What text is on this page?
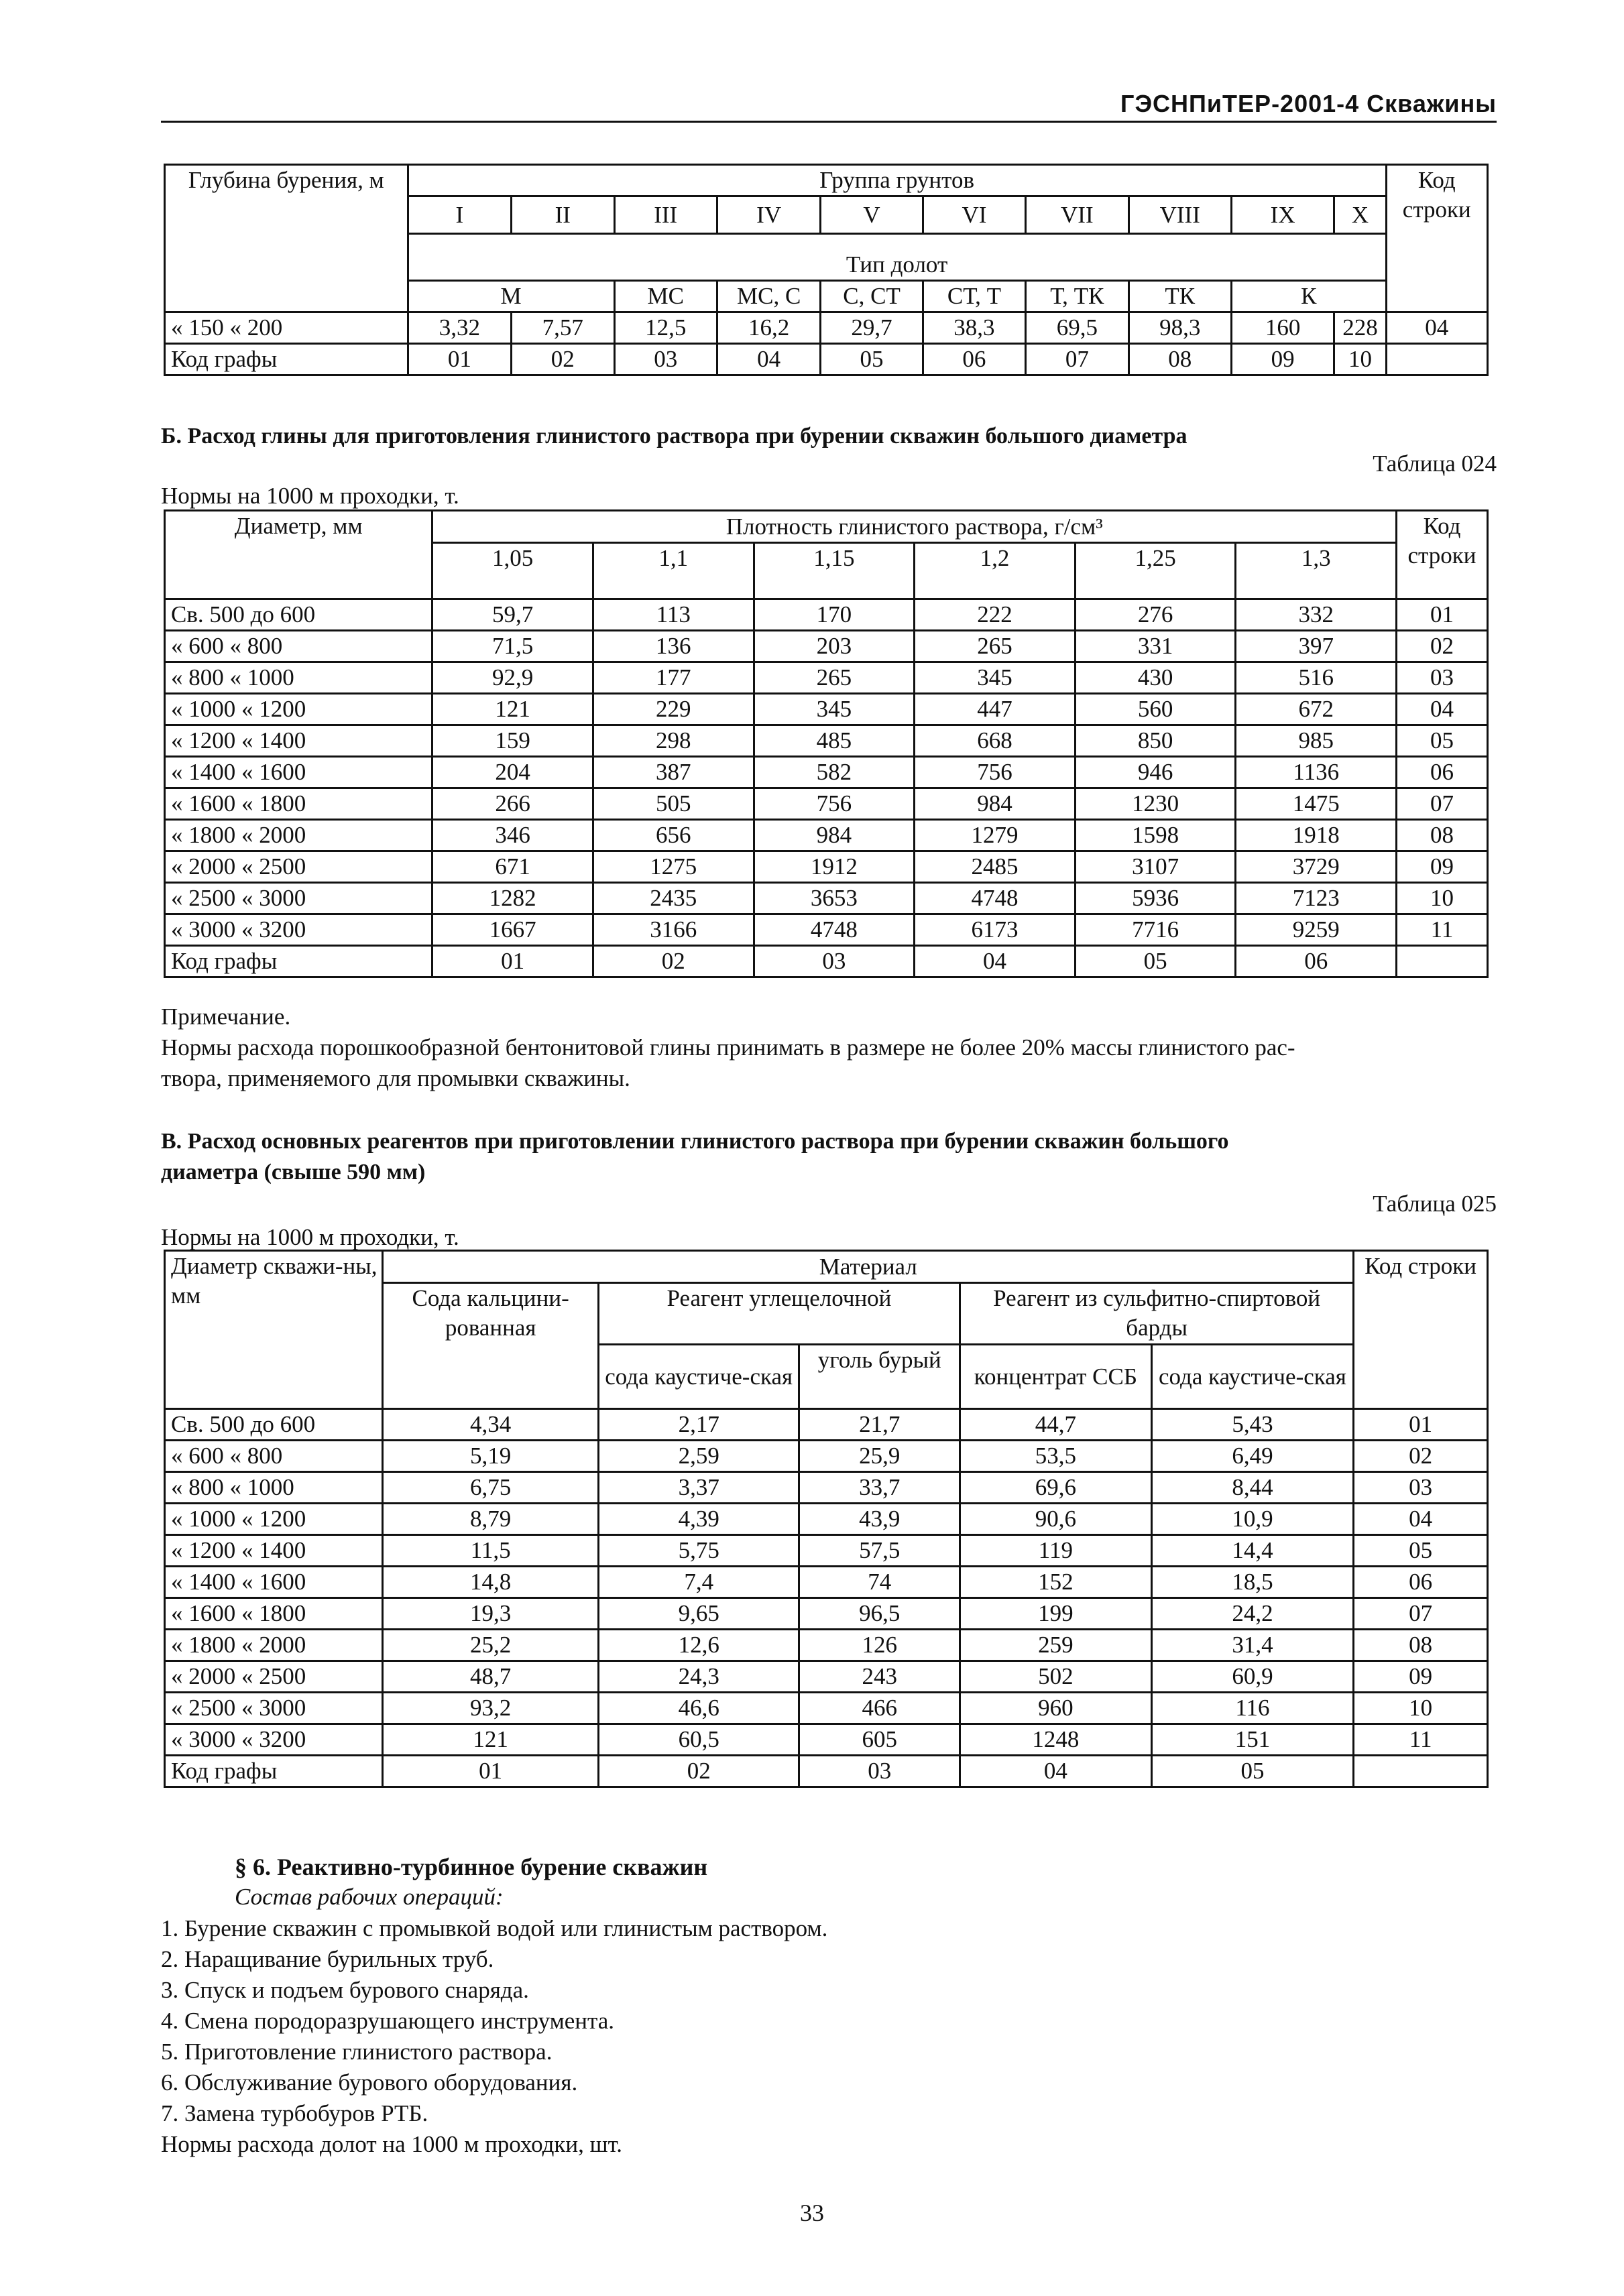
ГЭСНПиТЕР-2001-4 Скважины
Глубина бурения, м	Группа грунтов										Код строки
	I	II	III	IV	V	VI	VII	VIII	IX	X	
	Тип долот										
	М		МС	МС, С	С, СТ	СТ, Т	Т, ТК	ТК	К		
« 150 « 200	3,32	7,57	12,5	16,2	29,7	38,3	69,5	98,3	160	228	04
Код графы	01	02	03	04	05	06	07	08	09	10	
Б. Расход глины для приготовления глинистого раствора при бурении скважин большого диаметра
Таблица 024
Нормы на 1000 м проходки, т.
Диаметр, мм	Плотность глинистого раствора, г/см³						Код строки
	1,05	1,1	1,15	1,2	1,25	1,3	
Св. 500 до 600	59,7	113	170	222	276	332	01
« 600 « 800	71,5	136	203	265	331	397	02
« 800 « 1000	92,9	177	265	345	430	516	03
« 1000 « 1200	121	229	345	447	560	672	04
« 1200 « 1400	159	298	485	668	850	985	05
« 1400 « 1600	204	387	582	756	946	1136	06
« 1600 « 1800	266	505	756	984	1230	1475	07
« 1800 « 2000	346	656	984	1279	1598	1918	08
« 2000 « 2500	671	1275	1912	2485	3107	3729	09
« 2500 « 3000	1282	2435	3653	4748	5936	7123	10
« 3000 « 3200	1667	3166	4748	6173	7716	9259	11
Код графы	01	02	03	04	05	06	
Примечание.
Нормы расхода порошкообразной бентонитовой глины принимать в размере не более 20% массы глинистого рас-
твора, применяемого для промывки скважины.
В. Расход основных реагентов при приготовлении глинистого раствора при бурении скважин большого
диаметра (свыше 590 мм)
Таблица 025
Нормы на 1000 м проходки, т.
Диаметр скважи-ны, мм	Материал					Код строки
	Сода кальцини-рованная	Реагент углещелочной		Реагент из сульфитно-спиртовой барды		
		сода каустиче-ская	уголь бурый	концентрат ССБ	сода каустиче-ская	
Св. 500 до 600	4,34	2,17	21,7	44,7	5,43	01
« 600 « 800	5,19	2,59	25,9	53,5	6,49	02
« 800 « 1000	6,75	3,37	33,7	69,6	8,44	03
« 1000 « 1200	8,79	4,39	43,9	90,6	10,9	04
« 1200 « 1400	11,5	5,75	57,5	119	14,4	05
« 1400 « 1600	14,8	7,4	74	152	18,5	06
« 1600 « 1800	19,3	9,65	96,5	199	24,2	07
« 1800 « 2000	25,2	12,6	126	259	31,4	08
« 2000 « 2500	48,7	24,3	243	502	60,9	09
« 2500 « 3000	93,2	46,6	466	960	116	10
« 3000 « 3200	121	60,5	605	1248	151	11
Код графы	01	02	03	04	05	
§ 6. Реактивно-турбинное бурение скважин
Состав рабочих операций:
1. Бурение скважин с промывкой водой или глинистым раствором.
2. Наращивание бурильных труб.
3. Спуск и подъем бурового снаряда.
4. Смена породоразрушающего инструмента.
5. Приготовление глинистого раствора.
6. Обслуживание бурового оборудования.
7. Замена турбобуров РТБ.
Нормы расхода долот на 1000 м проходки, шт.
33
